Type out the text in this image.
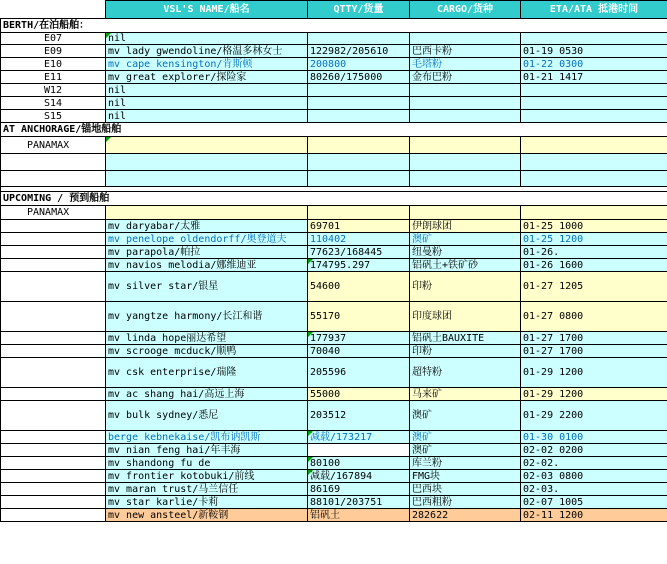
	VSL'S NAME/船名	QTTY/货量	CARGO/货种	ETA/ATA 抵港时间
BERTH/在泊船舶：				
E07	nil			
E09	mv lady gwendoline/格温多林女士	122982/205610	巴西卡粉	01-19 0530
E10	mv cape kensington/肯斯顿	200800	毛塔粉	01-22 0300
E11	mv great explorer/探险家	80260/175000	金布巴粉	01-21 1417
W12	nil			
S14	nil			
S15	nil			
AT ANCHORAGE/锚地船舶				
PANAMAX				

UPCOMING / 预到船舶				
PANAMAX				
	mv daryabar/太雅	69701	伊朗球团	01-25 1000
	mv penelope oldendorff/奥登道夫	110402	澳矿	01-25 1200
	mv parapola/帕拉	77623/168445	纽曼粉	01-26.
	mv navios melodia/娜维迪亚	174795.297	铝矾土+铁矿砂	01-26 1600
	mv silver star/银星	54600	印粉	01-27 1205
	mv yangtze harmony/长江和谐	55170	印度球团	01-27 0800
	mv linda hope丽达希望	177937	铝矾土BAUXITE	01-27 1700
	mv scrooge mcduck/顺鸭	70040	印粉	01-27 1700
	mv csk enterprise/瑞隆	205596	超特粉	01-29 1200
	mv ac shang hai/高远上海	55000	马来矿	01-29 1200
	mv bulk sydney/悉尼	203512	澳矿	01-29 2200
	berge kebnekaise/凯布讷凯斯	减载/173217	澳矿	01-30 0100
	mv nian feng hai/年丰海		澳矿	02-02 0200
	mv shandong fu de	80100	库兰粉	02-02.
	mv frontier kotobuki/前线	减载/167894	FMG块	02-03 0800
	mv maran trust/马兰信任	86169	巴西块	02-03.
	mv star karlie/卡莉	88101/203751	巴西粗粉	02-07 1005
	mv new ansteel/新鞍钢	铝矾土	282622	02-11 1200
